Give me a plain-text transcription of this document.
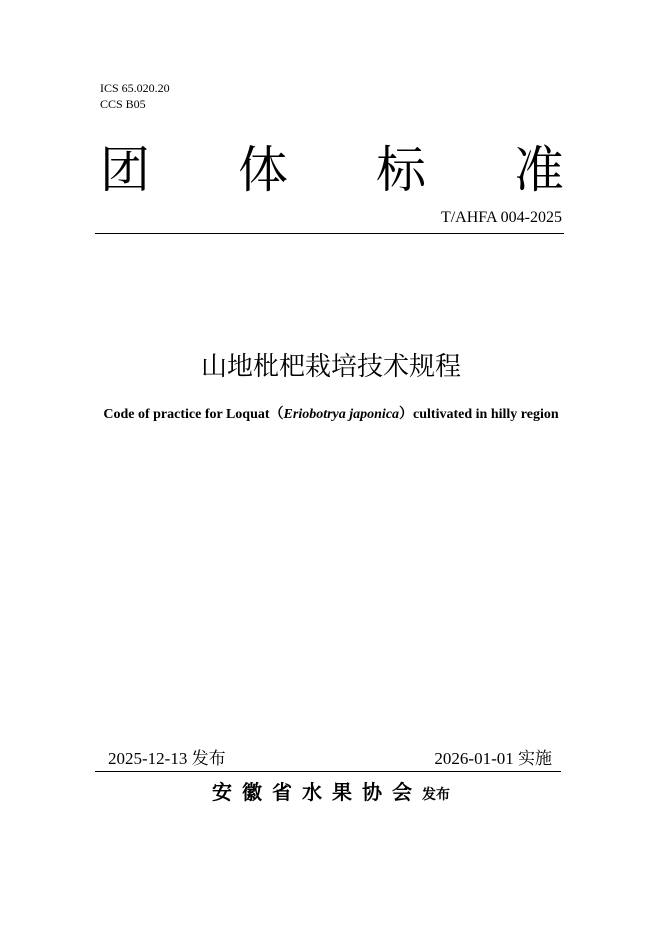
ICS 65.020.20
CCS B05
团 体 标 准
T/AHFA 004-2025
山地枇杷栽培技术规程
Code of practice for Loquat（Eriobotrya japonica）cultivated in hilly region
2025-12-13 发布	2026-01-01 实施
安徽省水果协会发布
